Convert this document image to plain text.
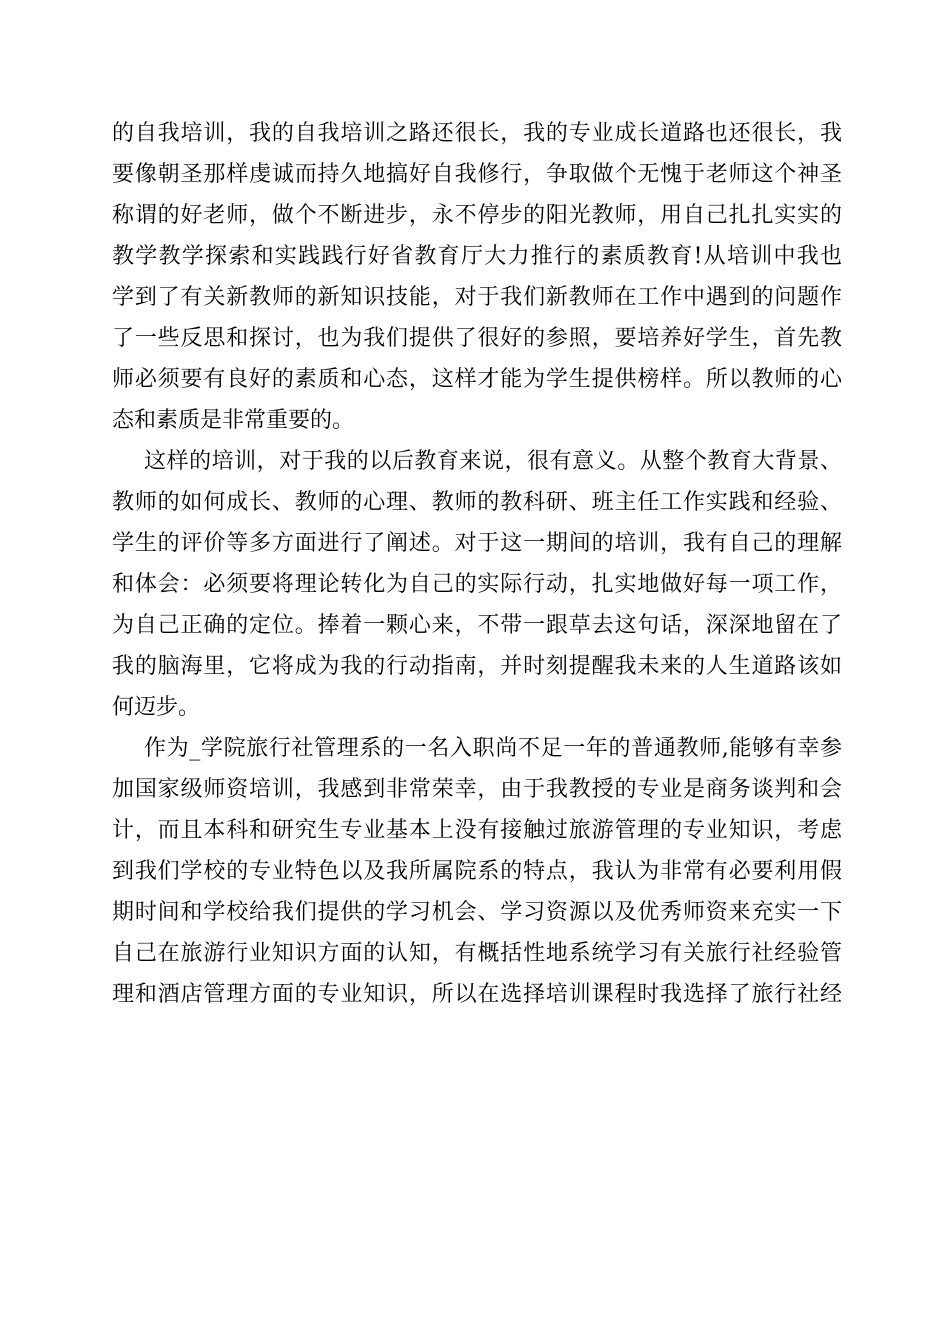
的自我培训，我的自我培训之路还很长，我的专业成长道路也还很长，我
要像朝圣那样虔诚而持久地搞好自我修行，争取做个无愧于老师这个神圣
称谓的好老师，做个不断进步，永不停步的阳光教师，用自己扎扎实实的
教学教学探索和实践践行好省教育厅大力推行的素质教育!从培训中我也
学到了有关新教师的新知识技能，对于我们新教师在工作中遇到的问题作
了一些反思和探讨，也为我们提供了很好的参照，要培养好学生，首先教
师必须要有良好的素质和心态，这样才能为学生提供榜样。所以教师的心
态和素质是非常重要的。
这样的培训，对于我的以后教育来说，很有意义。从整个教育大背景、
教师的如何成长、教师的心理、教师的教科研、班主任工作实践和经验、
学生的评价等多方面进行了阐述。对于这一期间的培训，我有自己的理解
和体会：必须要将理论转化为自己的实际行动，扎实地做好每一项工作，
为自己正确的定位。捧着一颗心来，不带一跟草去这句话，深深地留在了
我的脑海里，它将成为我的行动指南，并时刻提醒我未来的人生道路该如
何迈步。
作为_学院旅行社管理系的一名入职尚不足一年的普通教师,能够有幸参
加国家级师资培训，我感到非常荣幸，由于我教授的专业是商务谈判和会
计，而且本科和研究生专业基本上没有接触过旅游管理的专业知识，考虑
到我们学校的专业特色以及我所属院系的特点，我认为非常有必要利用假
期时间和学校给我们提供的学习机会、学习资源以及优秀师资来充实一下
自己在旅游行业知识方面的认知，有概括性地系统学习有关旅行社经验管
理和酒店管理方面的专业知识，所以在选择培训课程时我选择了旅行社经
